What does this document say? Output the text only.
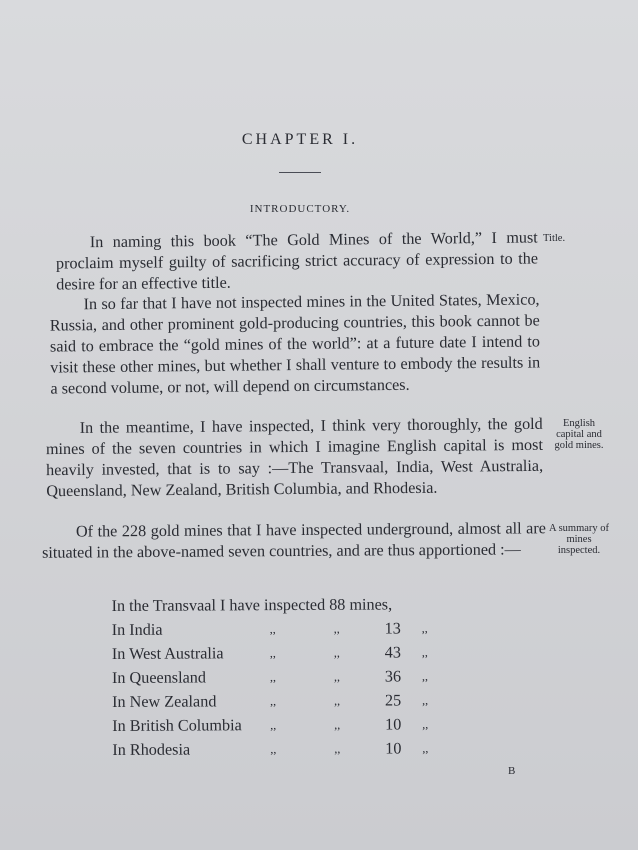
CHAPTER I.
INTRODUCTORY.

In naming this book “The Gold Mines of the World,” I must proclaim myself guilty of sacrificing strict accuracy of expression to the desire for an effective title.

In so far that I have not inspected mines in the United States, Mexico, Russia, and other prominent gold-producing countries, this book cannot be said to embrace the “gold mines of the world”: at a future date I intend to visit these other mines, but whether I shall venture to embody the results in a second volume, or not, will depend on circumstances.

In the meantime, I have inspected, I think very thoroughly, the gold mines of the seven countries in which I imagine English capital is most heavily invested, that is to say :—The Transvaal, India, West Australia, Queensland, New Zealand, British Columbia, and Rhodesia.

Of the 228 gold mines that I have inspected underground, almost all are situated in the above-named seven countries, and are thus apportioned :—

Title.
English capital and gold mines.
A summary of mines inspected.
In the Transvaal I have inspected 88 mines,
In India	,,	,,	13	,,
In West Australia	,,	,,	43	,,
In Queensland	,,	,,	36	,,
In New Zealand	,,	,,	25	,,
In British Columbia ,,	,,	10	,,
In Rhodesia	,,	,,	10	,,
B
